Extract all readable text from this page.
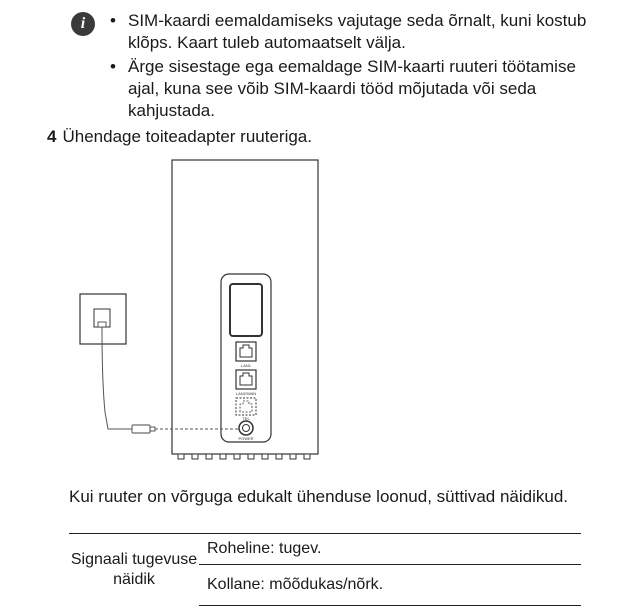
i
•	SIM-kaardi eemaldamiseks vajutage seda õrnalt, kuni kostub klõps. Kaart tuleb automaatselt välja.
• Ärge sisestage ega eemaldage SIM-kaarti ruuteri töötamise ajal, kuna see võib SIM-kaardi tööd mõjutada või seda kahjustada.
4 Ühendage toiteadapter ruuteriga.
LAN1
LAN2/WAN
TEL
POWER
Kui ruuter on võrguga edukalt ühenduse loonud, süttivad näidikud.
Signaali tugevuse näidik	Roheline: tugev.
Kollane: mõõdukas/nõrk.
